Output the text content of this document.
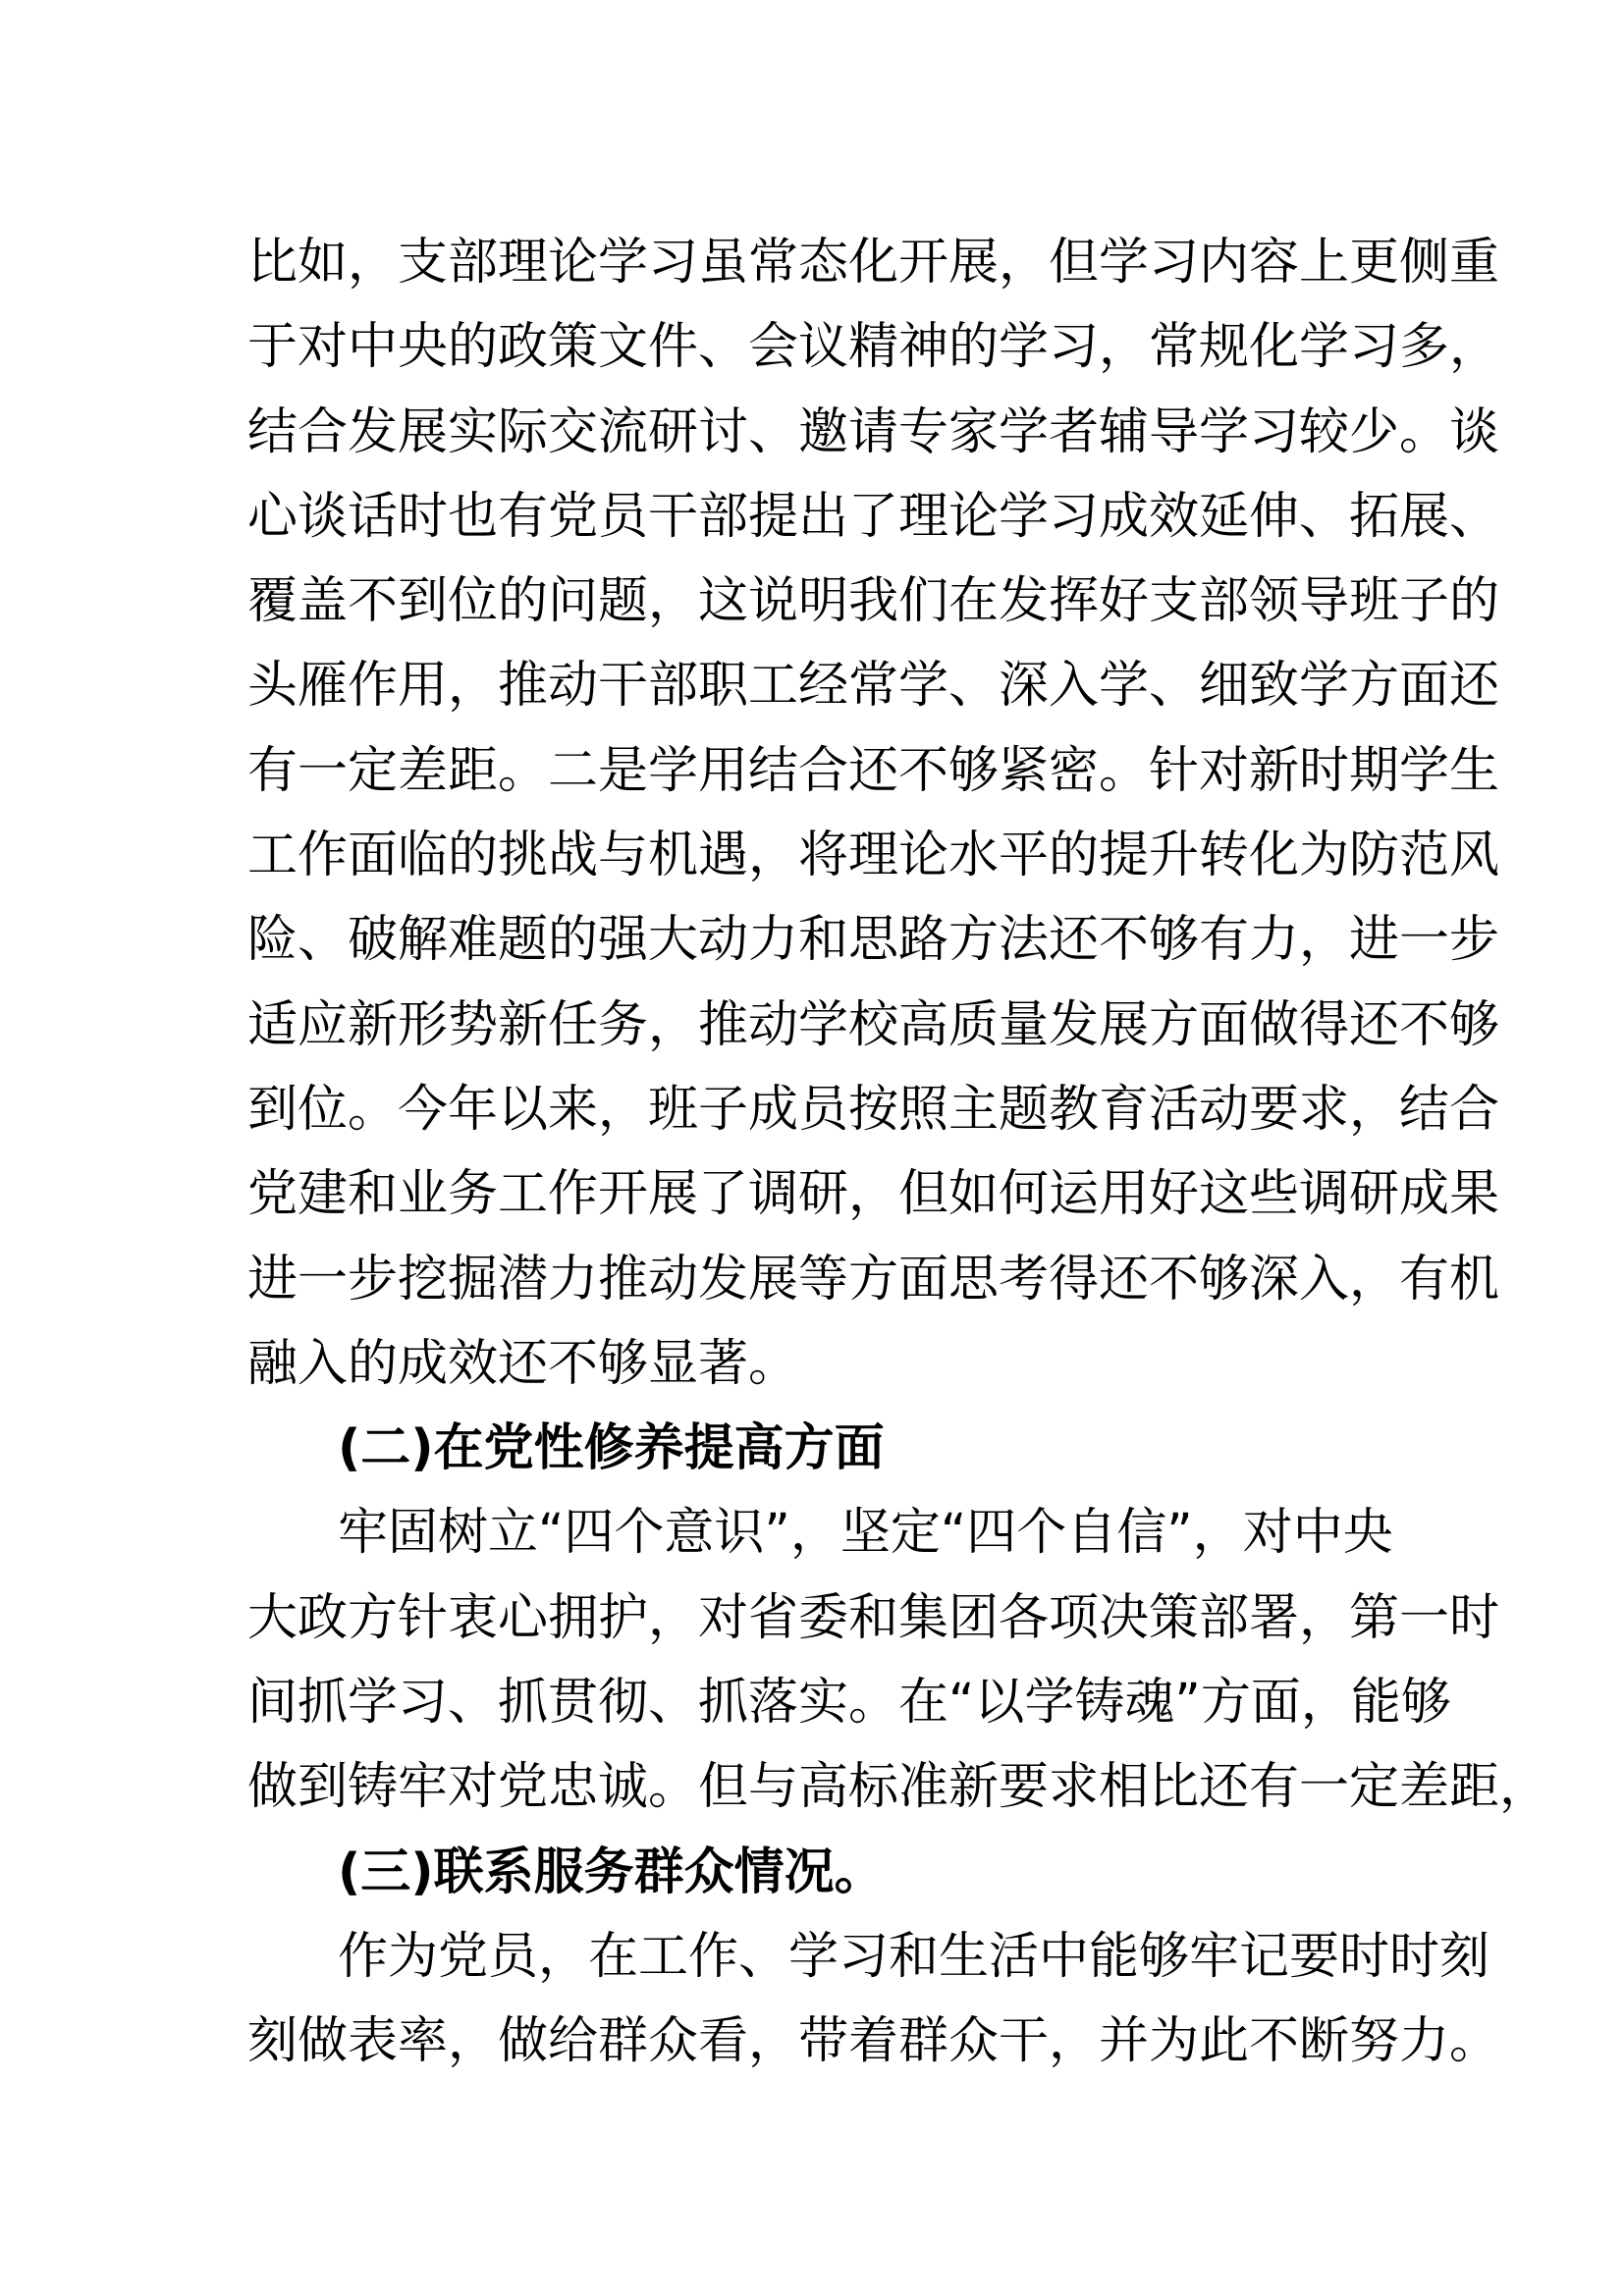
比如，支部理论学习虽常态化开展，但学习内容上更侧重
于对中央的政策文件、会议精神的学习，常规化学习多，
结合发展实际交流研讨、邀请专家学者辅导学习较少。谈
心谈话时也有党员干部提出了理论学习成效延伸、拓展、
覆盖不到位的问题，这说明我们在发挥好支部领导班子的
头雁作用，推动干部职工经常学、深入学、细致学方面还
有一定差距。二是学用结合还不够紧密。针对新时期学生
工作面临的挑战与机遇，将理论水平的提升转化为防范风
险、破解难题的强大动力和思路方法还不够有力，进一步
适应新形势新任务，推动学校高质量发展方面做得还不够
到位。今年以来，班子成员按照主题教育活动要求，结合
党建和业务工作开展了调研，但如何运用好这些调研成果
进一步挖掘潜力推动发展等方面思考得还不够深入，有机
融入的成效还不够显著。
(二)在党性修养提高方面
牢固树立“四个意识”，坚定“四个自信”，对中央
大政方针衷心拥护，对省委和集团各项决策部署，第一时
间抓学习、抓贯彻、抓落实。在“以学铸魂”方面，能够
做到铸牢对党忠诚。但与高标准新要求相比还有一定差距，
(三)联系服务群众情况。
作为党员，在工作、学习和生活中能够牢记要时时刻
刻做表率，做给群众看，带着群众干，并为此不断努力。
